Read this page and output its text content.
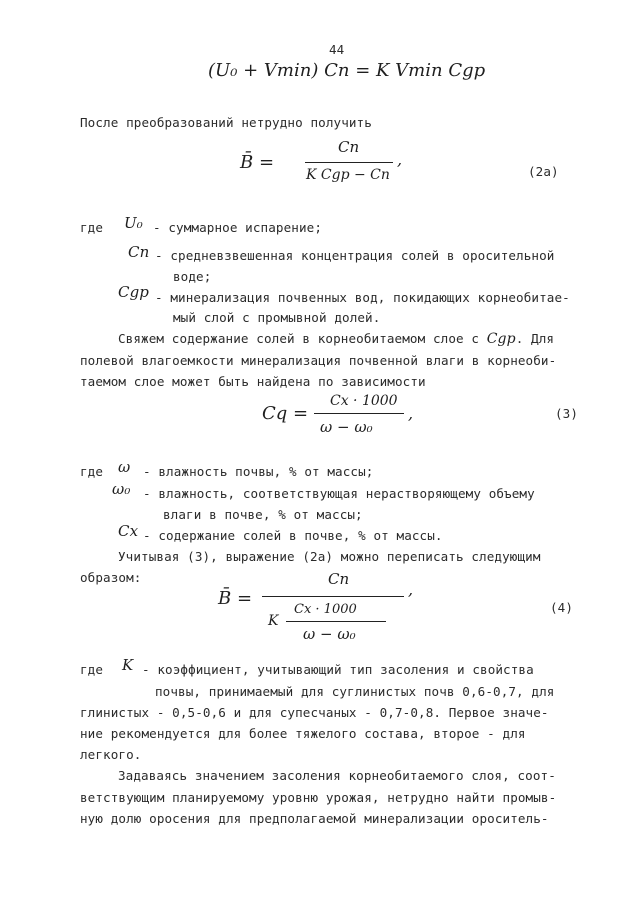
44
(U₀ + Vmin) Cп = K Vmin Cgp
После преобразований нетрудно получить
B̄ =
Cп
K Cgp − Cп
,
(2а)
где U₀ - суммарное испарение;
Cп - средневзвешенная концентрация солей в оросительной
воде;
Cgp - минерализация почвенных вод, покидающих корнеобитае-
мый слой с промывной долей.
Свяжем содержание солей в корнеобитаемом слое с Cgp. Для
полевой влагоемкости минерализация почвенной влаги в корнеоби-
таемом слое может быть найдена по зависимости
Cq =
Cx · 1000
ω − ω₀
,	(3)
где ω - влажность почвы, % от массы;
ω₀ - влажность, соответствующая нерастворяющему объему
влаги в почве, % от массы;
Cx - содержание солей в почве, % от массы.
Учитывая (3), выражение (2а) можно переписать следующим
образом:
B̄ =
Cп
K
Cx · 1000
ω − ω₀
,
(4)
где K - коэффициент, учитывающий тип засоления и свойства
почвы, принимаемый для суглинистых почв 0,6-0,7, для
глинистых - 0,5-0,6 и для супесчаных - 0,7-0,8. Первое значе-
ние рекомендуется для более тяжелого состава, второе - для
легкого.
Задаваясь значением засоления корнеобитаемого слоя, соот-
ветствующим планируемому уровню урожая, нетрудно найти промыв-
ную долю оросения для предполагаемой минерализации ороситель-
